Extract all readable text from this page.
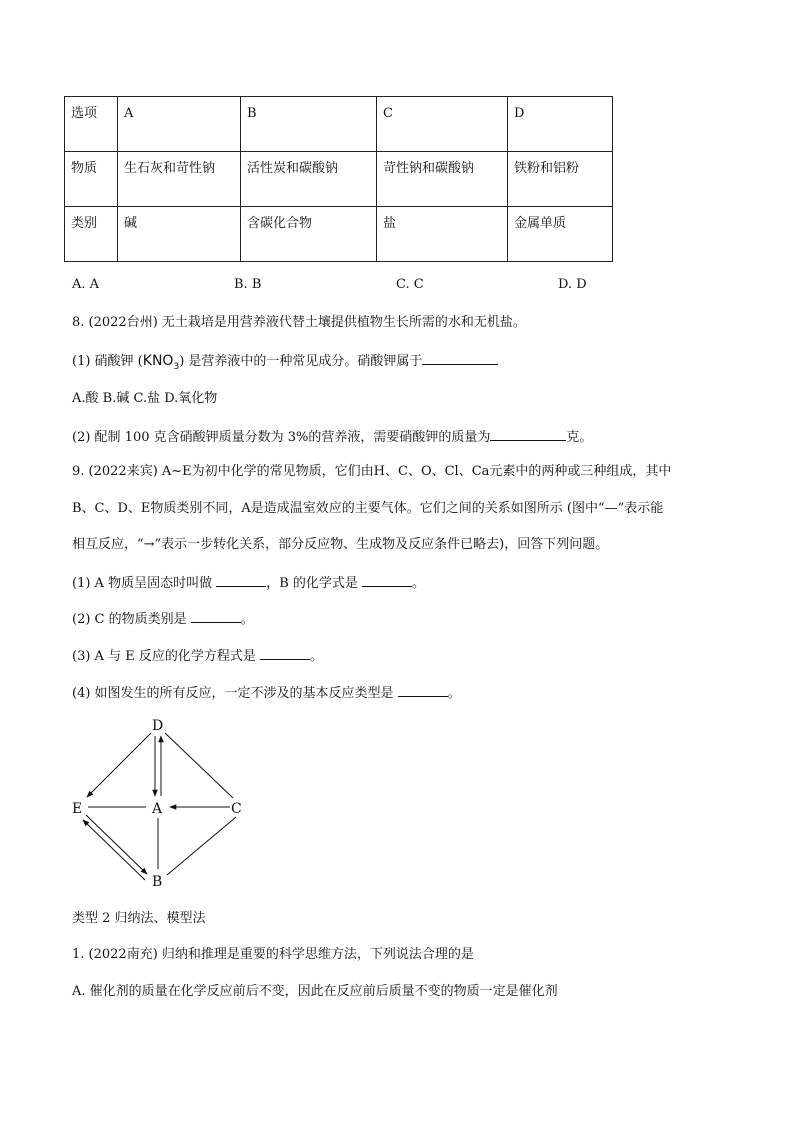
选项	A	B	C	D
物质	生石灰和苛性钠	活性炭和碳酸钠	苛性钠和碳酸钠	铁粉和铝粉
类别	碱	含碳化合物	盐	金属单质
A. A	B. B	C. C	D. D
8. (2022台州) 无土栽培是用营养液代替土壤提供植物生长所需的水和无机盐。
(1) 硝酸钾 $(KNO_3)$ 是营养液中的一种常见成分。硝酸钾属于
A.酸 B.碱 C.盐 D.氧化物
(2) 配制 100 克含硝酸钾质量分数为 3%的营养液，需要硝酸钾的质量为	克。
9. (2022来宾) A~E为初中化学的常见物质，它们由H、C、O、Cl、Ca元素中的两种或三种组成，其中
B、C、D、E物质类别不同，A是造成温室效应的主要气体。它们之间的关系如图所示 (图中“—”表示能
相互反应，“→”表示一步转化关系，部分反应物、生成物及反应条件已略去)，回答下列问题。
(1) A 物质呈固态时叫做	，B 的化学式是	。
(2) C 的物质类别是	。
(3) A 与 E 反应的化学方程式是	。
(4) 如图发生的所有反应，一定不涉及的基本反应类型是	。
D
A
E	C
B
类型 2 归纳法、模型法
1. (2022南充) 归纳和推理是重要的科学思维方法，下列说法合理的是
A. 催化剂的质量在化学反应前后不变，因此在反应前后质量不变的物质一定是催化剂
